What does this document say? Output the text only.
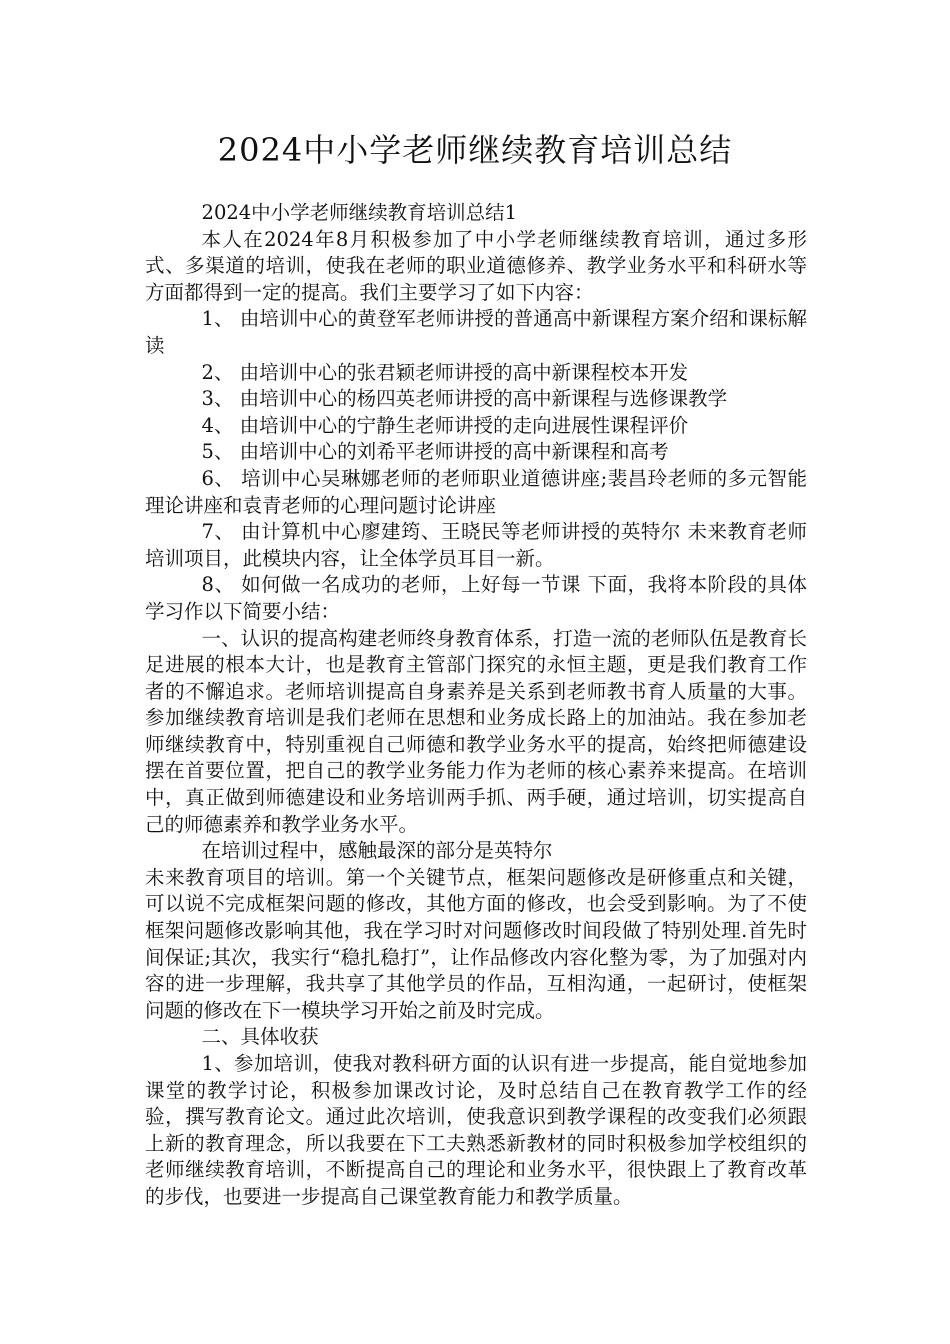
2024中小学老师继续教育培训总结

2024中小学老师继续教育培训总结1

本人在2024年8月积极参加了中小学老师继续教育培训，通过多形式、多渠道的培训，使我在老师的职业道德修养、教学业务水平和科研水等方面都得到一定的提高。我们主要学习了如下内容：

1、 由培训中心的黄登军老师讲授的普通高中新课程方案介绍和课标解读

2、 由培训中心的张君颖老师讲授的高中新课程校本开发

3、 由培训中心的杨四英老师讲授的高中新课程与选修课教学

4、 由培训中心的宁静生老师讲授的走向进展性课程评价

5、 由培训中心的刘希平老师讲授的高中新课程和高考

6、 培训中心吴琳娜老师的老师职业道德讲座;裴昌玲老师的多元智能理论讲座和袁青老师的心理问题讨论讲座

7、 由计算机中心廖建筠、王晓民等老师讲授的英特尔 未来教育老师培训项目，此模块内容，让全体学员耳目一新。

8、 如何做一名成功的老师，上好每一节课 下面，我将本阶段的具体学习作以下简要小结：

一、认识的提高构建老师终身教育体系，打造一流的老师队伍是教育长足进展的根本大计，也是教育主管部门探究的永恒主题，更是我们教育工作者的不懈追求。老师培训提高自身素养是关系到老师教书育人质量的大事。参加继续教育培训是我们老师在思想和业务成长路上的加油站。我在参加老师继续教育中，特别重视自己师德和教学业务水平的提高，始终把师德建设摆在首要位置，把自己的教学业务能力作为老师的核心素养来提高。在培训中，真正做到师德建设和业务培训两手抓、两手硬，通过培训，切实提高自己的师德素养和教学业务水平。

在培训过程中，感触最深的部分是英特尔

未来教育项目的培训。第一个关键节点，框架问题修改是研修重点和关键，可以说不完成框架问题的修改，其他方面的修改，也会受到影响。为了不使框架问题修改影响其他，我在学习时对问题修改时间段做了特别处理.首先时间保证;其次，我实行“稳扎稳打”，让作品修改内容化整为零，为了加强对内容的进一步理解，我共享了其他学员的作品，互相沟通，一起研讨，使框架问题的修改在下一模块学习开始之前及时完成。

二、具体收获

1、参加培训，使我对教科研方面的认识有进一步提高，能自觉地参加课堂的教学讨论，积极参加课改讨论，及时总结自己在教育教学工作的经验，撰写教育论文。通过此次培训，使我意识到教学课程的改变我们必须跟上新的教育理念，所以我要在下工夫熟悉新教材的同时积极参加学校组织的老师继续教育培训，不断提高自己的理论和业务水平，很快跟上了教育改革的步伐，也要进一步提高自己课堂教育能力和教学质量。
